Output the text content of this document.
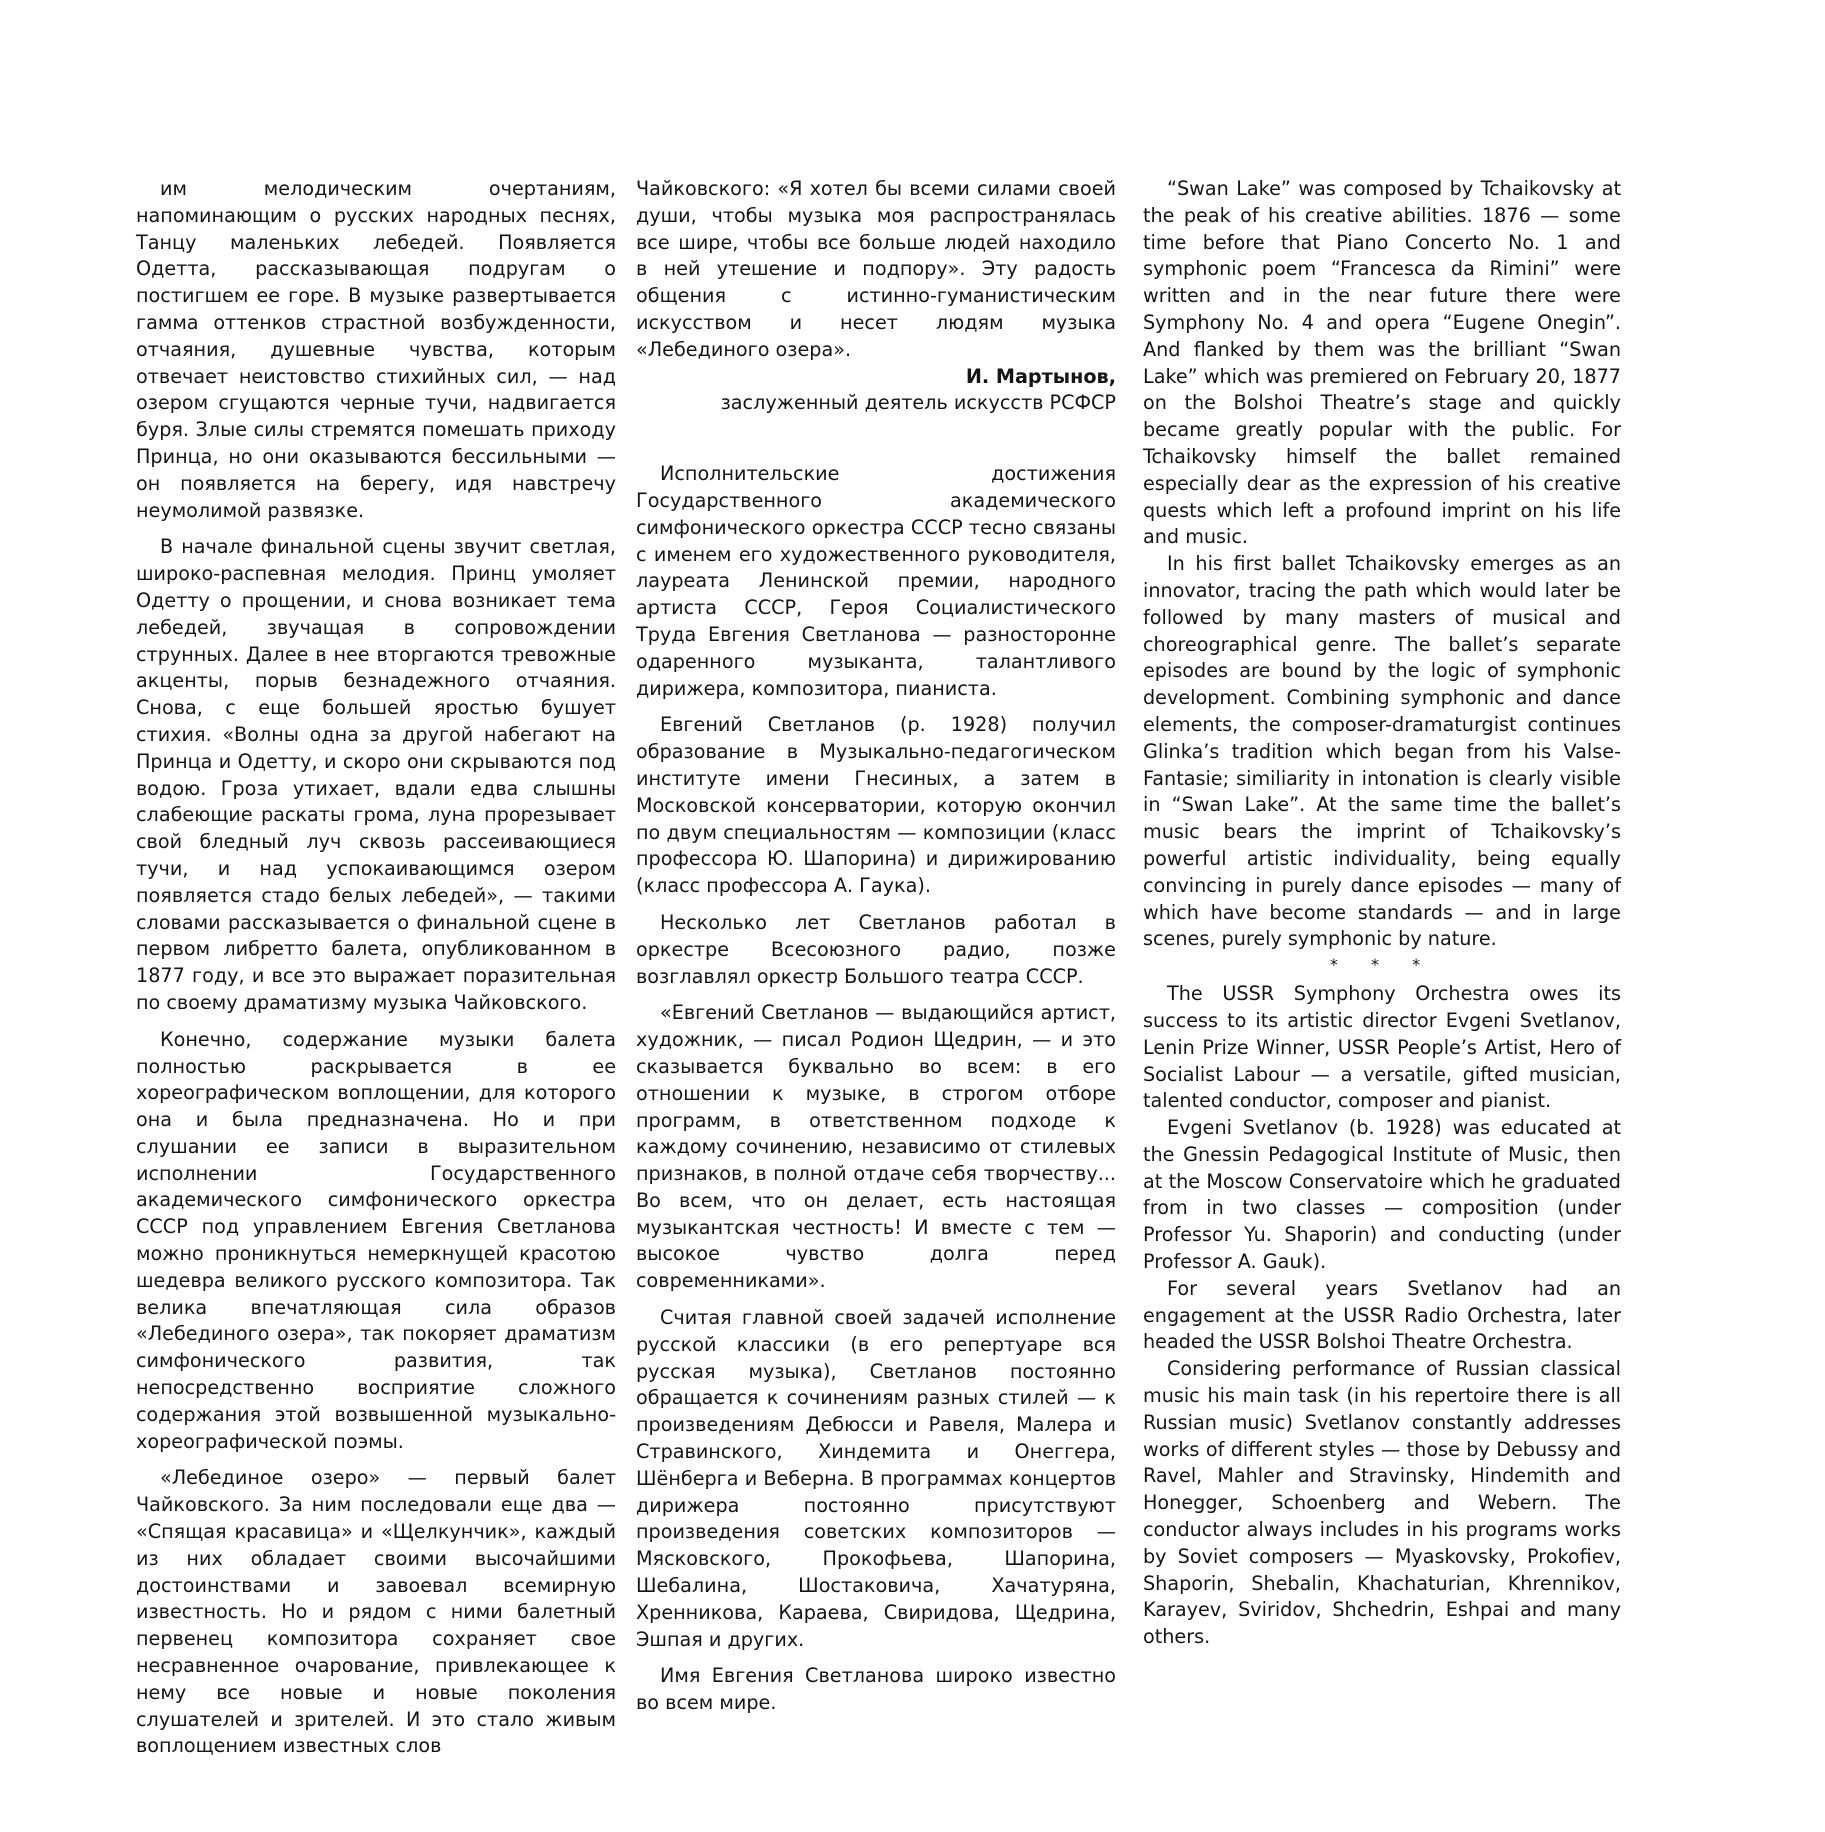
им мелодическим очертаниям, напоминающим о русских народных песнях, Танцу маленьких лебедей. Появляется Одетта, рассказывающая подругам о постигшем ее горе. В музыке развертывается гамма оттенков страстной возбужденности, отчаяния, душевные чувства, которым отвечает неистовство стихийных сил, — над озером сгущаются черные тучи, надвигается буря. Злые силы стремятся помешать приходу Принца, но они оказываются бессильными — он появляется на берегу, идя навстречу неумолимой развязке.

В начале финальной сцены звучит светлая, широко-распевная мелодия. Принц умоляет Одетту о прощении, и снова возникает тема лебедей, звучащая в сопровождении струнных. Далее в нее вторгаются тревожные акценты, порыв безнадежного отчаяния. Снова, с еще большей яростью бушует стихия. «Волны одна за другой набегают на Принца и Одетту, и скоро они скрываются под водою. Гроза утихает, вдали едва слышны слабеющие раскаты грома, луна прорезывает свой бледный луч сквозь рассеивающиеся тучи, и над успокаивающимся озером появляется стадо белых лебедей», — такими словами рассказывается о финальной сцене в первом либретто балета, опубликованном в 1877 году, и все это выражает поразительная по своему драматизму музыка Чайковского.

Конечно, содержание музыки балета полностью раскрывается в ее хореографическом воплощении, для которого она и была предназначена. Но и при слушании ее записи в выразительном исполнении Государственного академического симфонического оркестра СССР под управлением Евгения Светланова можно проникнуться немеркнущей красотою шедевра великого русского композитора. Так велика впечатляющая сила образов «Лебединого озера», так покоряет драматизм симфонического развития, так непосредственно восприятие сложного содержания этой возвышенной музыкально-хореографической поэмы.

«Лебединое озеро» — первый балет Чайковского. За ним последовали еще два — «Спящая красавица» и «Щелкунчик», каждый из них обладает своими высочайшими достоинствами и завоевал всемирную известность. Но и рядом с ними балетный первенец композитора сохраняет свое несравненное очарование, привлекающее к нему все новые и новые поколения слушателей и зрителей. И это стало живым воплощением известных слов

Чайковского: «Я хотел бы всеми силами своей души, чтобы музыка моя распространялась все шире, чтобы все больше людей находило в ней утешение и подпору». Эту радость общения с истинно-гуманистическим искусством и несет людям музыка «Лебединого озера».

И. Мартынов,
заслуженный деятель искусств РСФСР

Исполнительские достижения Государственного академического симфонического оркестра СССР тесно связаны с именем его художественного руководителя, лауреата Ленинской премии, народного артиста СССР, Героя Социалистического Труда Евгения Светланова — разносторонне одаренного музыканта, талантливого дирижера, композитора, пианиста.

Евгений Светланов (р. 1928) получил образование в Музыкально-педагогическом институте имени Гнесиных, а затем в Московской консерватории, которую окончил по двум специальностям — композиции (класс профессора Ю. Шапорина) и дирижированию (класс профессора А. Гаука).

Несколько лет Светланов работал в оркестре Всесоюзного радио, позже возглавлял оркестр Большого театра СССР.

«Евгений Светланов — выдающийся артист, художник, — писал Родион Щедрин, — и это сказывается буквально во всем: в его отношении к музыке, в строгом отборе программ, в ответственном подходе к каждому сочинению, независимо от стилевых признаков, в полной отдаче себя творчеству... Во всем, что он делает, есть настоящая музыкантская честность! И вместе с тем — высокое чувство долга перед современниками».

Считая главной своей задачей исполнение русской классики (в его репертуаре вся русская музыка), Светланов постоянно обращается к сочинениям разных стилей — к произведениям Дебюсси и Равеля, Малера и Стравинского, Хиндемита и Онеггера, Шёнберга и Веберна. В программах концертов дирижера постоянно присутствуют произведения советских композиторов — Мясковского, Прокофьева, Шапорина, Шебалина, Шостаковича, Хачатуряна, Хренникова, Караева, Свиридова, Щедрина, Эшпая и других.

Имя Евгения Светланова широко известно во всем мире.

“Swan Lake” was composed by Tchaikovsky at the peak of his creative abilities. 1876 — some time before that Piano Concerto No. 1 and symphonic poem “Francesca da Rimini” were written and in the near future there were Symphony No. 4 and opera “Eugene Onegin”. And flanked by them was the brilliant “Swan Lake” which was premiered on February 20, 1877 on the Bolshoi Theatre’s stage and quickly became greatly popular with the public. For Tchaikovsky himself the ballet remained especially dear as the expression of his creative quests which left a profound imprint on his life and music.

In his first ballet Tchaikovsky emerges as an innovator, tracing the path which would later be followed by many masters of musical and choreographical genre. The ballet’s separate episodes are bound by the logic of symphonic development. Combining symphonic and dance elements, the composer-dramaturgist continues Glinka’s tradition which began from his Valse-Fantasie; similiarity in intonation is clearly visible in “Swan Lake”. At the same time the ballet’s music bears the imprint of Tchaikovsky’s powerful artistic individuality, being equally convincing in purely dance episodes — many of which have become standards — and in large scenes, purely symphonic by nature.

* * *

The USSR Symphony Orchestra owes its success to its artistic director Evgeni Svetlanov, Lenin Prize Winner, USSR People’s Artist, Hero of Socialist Labour — a versatile, gifted musician, talented conductor, composer and pianist.

Evgeni Svetlanov (b. 1928) was educated at the Gnessin Pedagogical Institute of Music, then at the Moscow Conservatoire which he graduated from in two classes — composition (under Professor Yu. Shaporin) and conducting (under Professor A. Gauk).

For several years Svetlanov had an engagement at the USSR Radio Orchestra, later headed the USSR Bolshoi Theatre Orchestra.

Considering performance of Russian classical music his main task (in his repertoire there is all Russian music) Svetlanov constantly addresses works of different styles — those by Debussy and Ravel, Mahler and Stravinsky, Hindemith and Honegger, Schoenberg and Webern. The conductor always includes in his programs works by Soviet composers — Myaskovsky, Prokofiev, Shaporin, Shebalin, Khachaturian, Khrennikov, Karayev, Sviridov, Shchedrin, Eshpai and many others.
